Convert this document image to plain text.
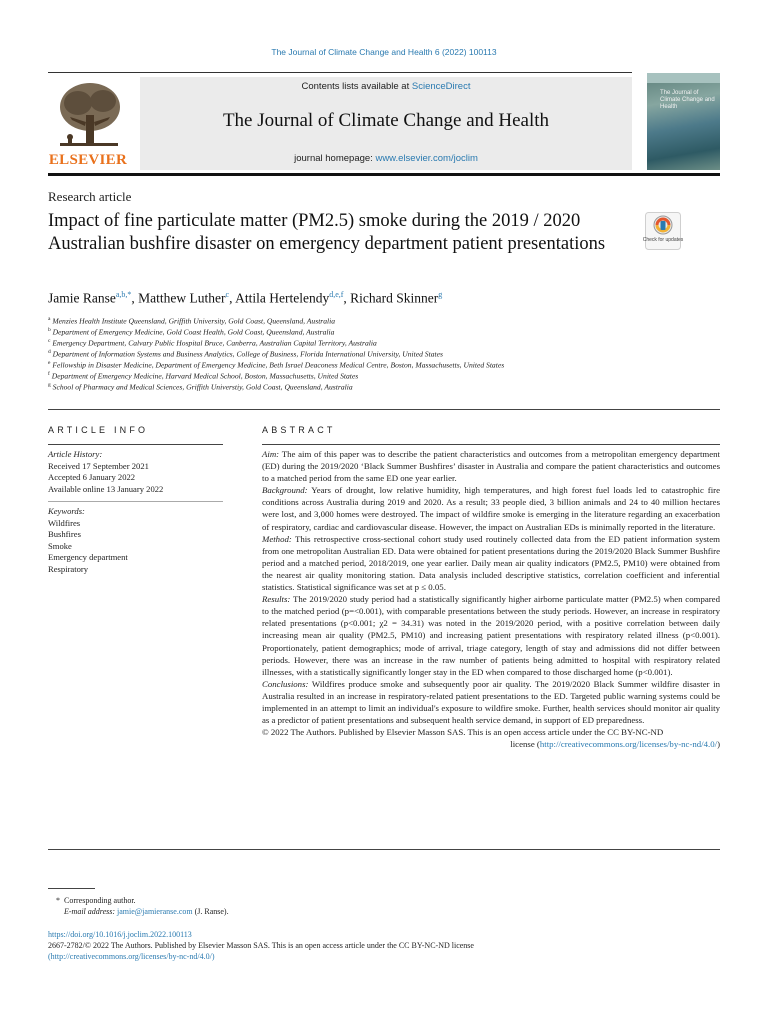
The Journal of Climate Change and Health 6 (2022) 100113
ELSEVIER
Contents lists available at ScienceDirect
The Journal of Climate Change and Health
journal homepage: www.elsevier.com/joclim
The Journal of Climate Change and Health
Research article
Impact of fine particulate matter (PM2.5) smoke during the 2019 / 2020 Australian bushfire disaster on emergency department patient presentations	Check for updates
Jamie Ranse$^{a,b,*}$, Matthew Luther$^c$, Attila Hertelendy$^{d,e,f}$, Richard Skinner$^g$
$^a$ Menzies Health Institute Queensland, Griffith University, Gold Coast, Queensland, Australia
$^b$ Department of Emergency Medicine, Gold Coast Health, Gold Coast, Queensland, Australia
$^c$ Emergency Department, Calvary Public Hospital Bruce, Canberra, Australian Capital Territory, Australia
$^d$ Department of Information Systems and Business Analytics, College of Business, Florida International University, United States
$^e$ Fellowship in Disaster Medicine, Department of Emergency Medicine, Beth Israel Deaconess Medical Centre, Boston, Massachusetts, United States
$^f$ Department of Emergency Medicine, Harvard Medical School, Boston, Massachusetts, United States
$^g$ School of Pharmacy and Medical Sciences, Griffith Universtiy, Gold Coast, Queensland, Australia
ARTICLE INFO	ABSTRACT
Article History:
Received 17 September 2021
Accepted 6 January 2022
Available online 13 January 2022
Keywords:
Wildfires
Bushfires
Smoke
Emergency department
Respiratory

Aim: The aim of this paper was to describe the patient characteristics and outcomes from a metropolitan emergency department (ED) during the 2019/2020 ‘Black Summer Bushfires’ disaster in Australia and compare the patient characteristics and outcomes to a matched period from the same ED one year earlier.

Background: Years of drought, low relative humidity, high temperatures, and high forest fuel loads led to catastrophic fire conditions across Australia during 2019 and 2020. As a result; 33 people died, 3 billion animals and 24 to 40 million hectares were lost, and 3,000 homes were destroyed. The impact of wildfire smoke is emerging in the literature regarding an exacerbation of respiratory, cardiac and cardiovascular disease. However, the impact on Australian EDs is minimally reported in the literature.

Method: This retrospective cross-sectional cohort study used routinely collected data from the ED patient information system from one metropolitan Australian ED. Data were obtained for patient presentations during the 2019/2020 Black Summer Bushfire period and a matched period, 2018/2019, one year earlier. Daily mean air quality indicators (PM2.5, PM10) were obtained from the nearest air quality monitoring station. Data analysis included descriptive statistics, correlation coefficient and inferential statistics. Statistical significance was set at p ≤ 0.05.

Results: The 2019/2020 study period had a statistically significantly higher airborne particulate matter (PM2.5) when compared to the matched period (p=<0.001), with comparable presentations between the study periods. However, an increase in respiratory related presentations (p<0.001; χ2 = 34.31) was noted in the 2019/2020 period, with a positive correlation between daily increasing mean air quality (PM2.5, PM10) and increasing patient presentations with respiratory related illness (p<0.001). Proportionately, patient demographics; mode of arrival, triage category, length of stay and admissions did not differ between periods. However, there was an increase in the raw number of patients being admitted to hospital with respiratory related illnesses, with a statistically significantly longer stay in the ED when compared to those discharged home (p<0.001).

Conclusions: Wildfires produce smoke and subsequently poor air quality. The 2019/2020 Black Summer wildfire disaster in Australia resulted in an increase in respiratory-related patient presentations to the ED. Targeted public warning systems could be implemented in an attempt to limit an individual's exposure to wildfire smoke. Further, health services should monitor air quality as a predictor of patient presentations and subsequent health service demand, in support of ED preparedness.

© 2022 The Authors. Published by Elsevier Masson SAS. This is an open access article under the CC BY-NC-ND

license (http://creativecommons.org/licenses/by-nc-nd/4.0/)

* Corresponding author.
E-mail address: jamie@jamieranse.com (J. Ranse).
https://doi.org/10.1016/j.joclim.2022.100113
2667-2782/© 2022 The Authors. Published by Elsevier Masson SAS. This is an open access article under the CC BY-NC-ND license
(http://creativecommons.org/licenses/by-nc-nd/4.0/)
